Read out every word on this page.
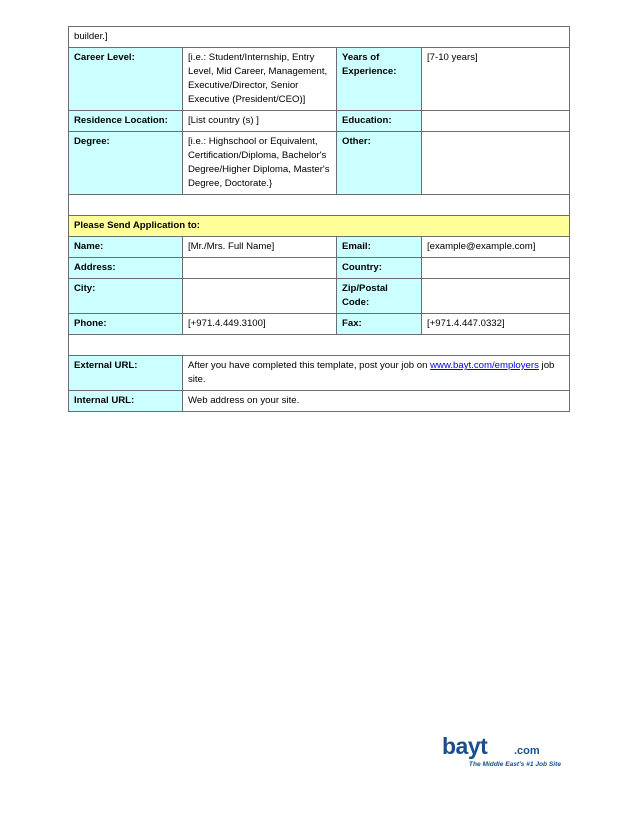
builder.]			
Career Level:	[i.e.: Student/Internship, Entry Level, Mid Career, Management, Executive/Director, Senior Executive (President/CEO)]	Years of Experience:	[7-10 years]
Residence Location:	[List country (s) ]	Education:	
Degree:	[i.e.: Highschool or Equivalent, Certification/Diploma, Bachelor's Degree/Higher Diploma, Master's Degree, Doctorate.}	Other:	

Please Send Application to:			
Name:	[Mr./Mrs. Full Name]	Email:	[example@example.com]
Address:		Country:	
City:		Zip/Postal Code:	
Phone:	[+971.4.449.3100]	Fax:	[+971.4.447.0332]

External URL:	After you have completed this template, post your job on www.bayt.com/employers job site.		
Internal URL:	Web address on your site.		
bayt .com
The Middle East's #1 Job Site
